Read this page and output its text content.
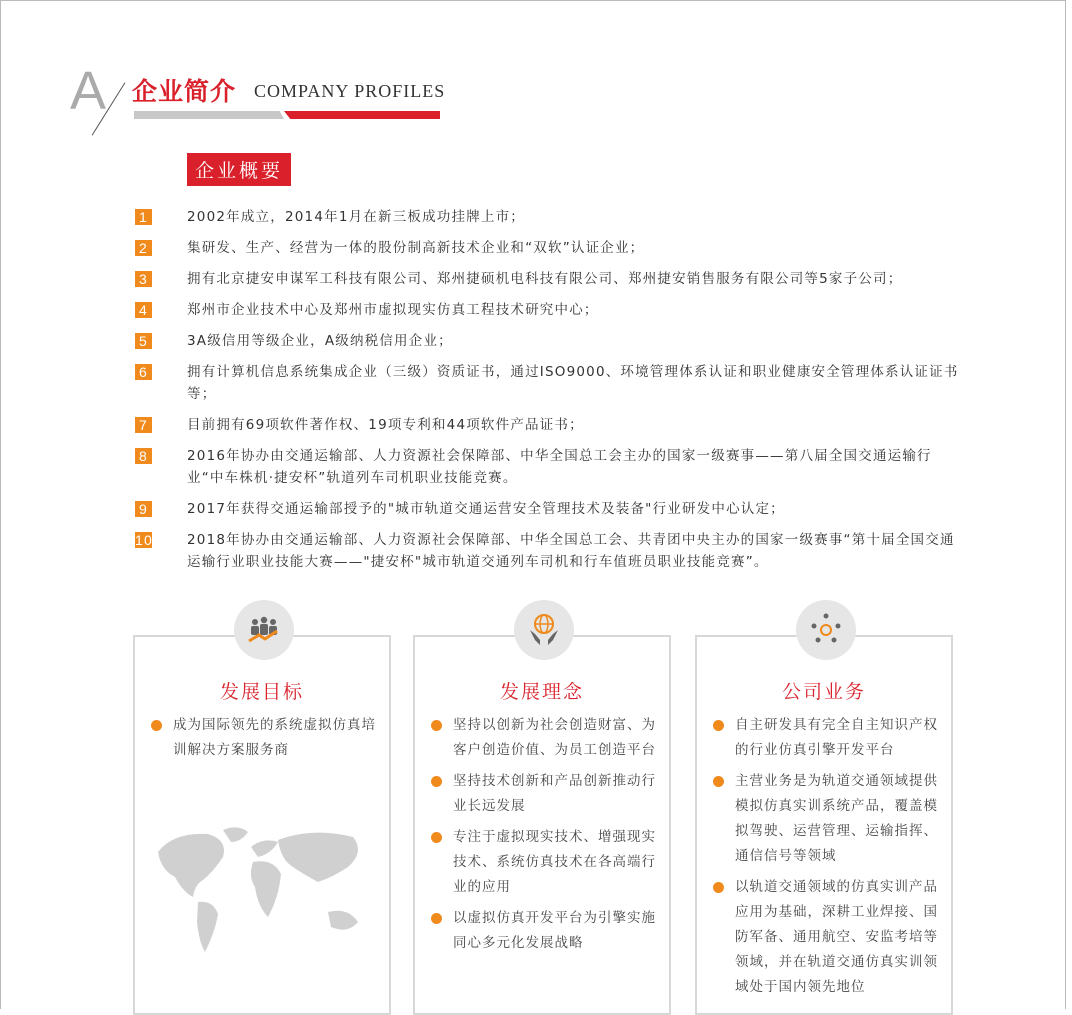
A 企业简介 COMPANY PROFILES
企业概要
1	2002年成立，2014年1月在新三板成功挂牌上市；
2	集研发、生产、经营为一体的股份制高新技术企业和“双软”认证企业；
3	拥有北京捷安申谋军工科技有限公司、郑州捷硕机电科技有限公司、郑州捷安销售服务有限公司等5家子公司；
4	郑州市企业技术中心及郑州市虚拟现实仿真工程技术研究中心；
5	3A级信用等级企业，A级纳税信用企业；
6	拥有计算机信息系统集成企业（三级）资质证书，通过ISO9000、环境管理体系认证和职业健康安全管理体系认证证书等；
7	目前拥有69项软件著作权、19项专利和44项软件产品证书；
8	2016年协办由交通运输部、人力资源社会保障部、中华全国总工会主办的国家一级赛事——第八届全国交通运输行业“中车株机·捷安杯”轨道列车司机职业技能竞赛。
9	2017年获得交通运输部授予的"城市轨道交通运营安全管理技术及装备"行业研发中心认定；
10	2018年协办由交通运输部、人力资源社会保障部、中华全国总工会、共青团中央主办的国家一级赛事“第十届全国交通运输行业职业技能大赛——"捷安杯"城市轨道交通列车司机和行车值班员职业技能竞赛”。
发展目标
成为国际领先的系统虚拟仿真培训解决方案服务商
发展理念
坚持以创新为社会创造财富、为客户创造价值、为员工创造平台
坚持技术创新和产品创新推动行业长远发展
专注于虚拟现实技术、增强现实技术、系统仿真技术在各高端行业的应用
以虚拟仿真开发平台为引擎实施同心多元化发展战略
公司业务
自主研发具有完全自主知识产权的行业仿真引擎开发平台
主营业务是为轨道交通领域提供模拟仿真实训系统产品，覆盖模拟驾驶、运营管理、运输指挥、通信信号等领域
以轨道交通领域的仿真实训产品应用为基础，深耕工业焊接、国防军备、通用航空、安监考培等领域，并在轨道交通仿真实训领域处于国内领先地位
